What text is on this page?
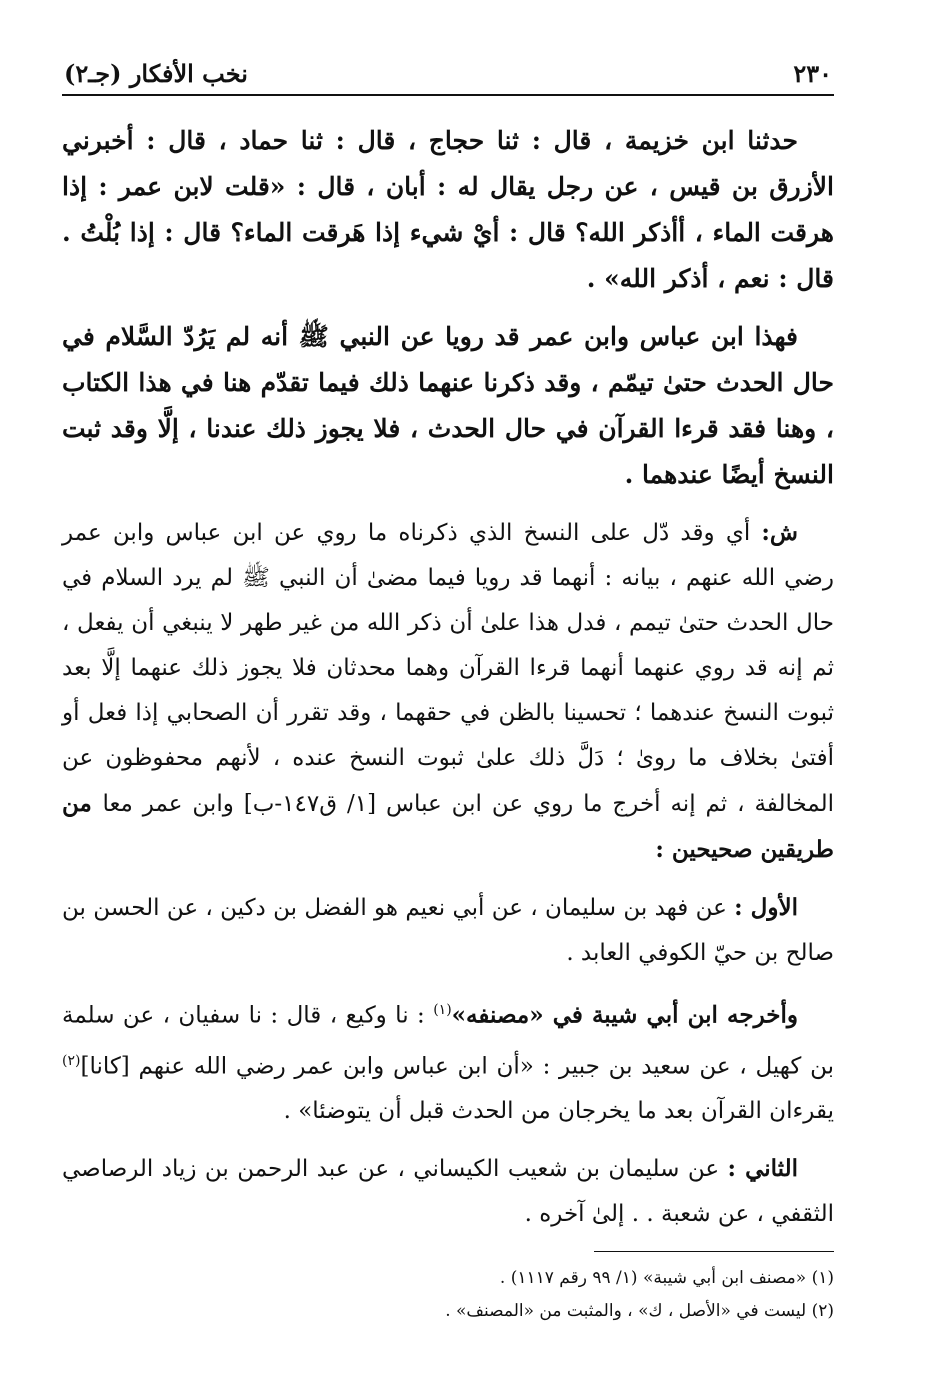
٢٣٠
نخب الأفكار (جـ٢)

حدثنا ابن خزيمة ، قال : ثنا حجاج ، قال : ثنا حماد ، قال : أخبرني الأزرق بن قيس ، عن رجل يقال له : أبان ، قال : «قلت لابن عمر : إذا هرقت الماء ، أأذكر الله؟ قال : أيْ شيء إذا هَرقت الماء؟ قال : إذا بُلْتُ . قال : نعم ، أذكر الله» .

فهذا ابن عباس وابن عمر قد رويا عن النبي ﷺ أنه لم يَرُدّ السَّلام في حال الحدث حتىٰ تيمّم ، وقد ذكرنا عنهما ذلك فيما تقدّم هنا في هذا الكتاب ، وهنا فقد قرءا القرآن في حال الحدث ، فلا يجوز ذلك عندنا ، إلَّا وقد ثبت النسخ أيضًا عندهما .

ش: أي وقد دّل على النسخ الذي ذكرناه ما روي عن ابن عباس وابن عمر رضي الله عنهم ، بيانه : أنهما قد رويا فيما مضىٰ أن النبي ﷺ لم يرد السلام في حال الحدث حتىٰ تيمم ، فدل هذا علىٰ أن ذكر الله من غير طهر لا ينبغي أن يفعل ، ثم إنه قد روي عنهما أنهما قرءا القرآن وهما محدثان فلا يجوز ذلك عنهما إلَّا بعد ثبوت النسخ عندهما ؛ تحسينا بالظن في حقهما ، وقد تقرر أن الصحابي إذا فعل أو أفتىٰ بخلاف ما روىٰ ؛ دَلَّ ذلك علىٰ ثبوت النسخ عنده ، لأنهم محفوظون عن المخالفة ، ثم إنه أخرج ما روي عن ابن عباس [١/ ق١٤٧-ب] وابن عمر معا من طريقين صحيحين :

الأول : عن فهد بن سليمان ، عن أبي نعيم هو الفضل بن دكين ، عن الحسن بن صالح بن حيّ الكوفي العابد .

وأخرجه ابن أبي شيبة في «مصنفه»$^{(١)}$ : نا وكيع ، قال : نا سفيان ، عن سلمة بن كهيل ، عن سعيد بن جبير : «أن ابن عباس وابن عمر رضي الله عنهم [كانا]$^{(٢)}$ يقرءان القرآن بعد ما يخرجان من الحدث قبل أن يتوضئا» .

الثاني : عن سليمان بن شعيب الكيساني ، عن عبد الرحمن بن زياد الرصاصي الثقفي ، عن شعبة . . إلىٰ آخره .

(١) «مصنف ابن أبي شيبة» (١/ ٩٩ رقم ١١١٧) .
(٢) ليست في «الأصل ، ك» ، والمثبت من «المصنف» .
